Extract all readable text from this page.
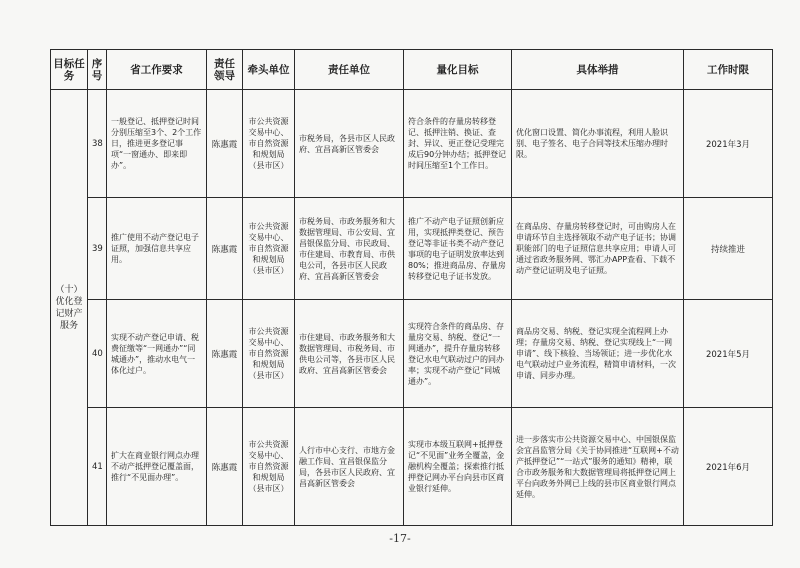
目标任务	序号	省工作要求	责任领导	牵头单位	责任单位	量化目标	具体举措	工作时限
（十）优化登记财产服务	38	一般登记、抵押登记时间分别压缩至3个、2个工作日，推进更多登记事项“一窗通办、即来即办”。	陈惠霞	市公共资源交易中心、市自然资源和规划局（县市区）	市税务局，各县市区人民政府、宜昌高新区管委会	符合条件的存量房转移登记、抵押注销、换证、查封、异议、更正登记受理完成后90分钟办结；抵押登记时间压缩至1个工作日。	优化窗口设置、简化办事流程，利用人脸识别、电子签名、电子合同等技术压缩办理时限。	2021年3月
	39	推广使用不动产登记电子证照，加强信息共享应用。	陈惠霞	市公共资源交易中心、市自然资源和规划局（县市区）	市税务局、市政务服务和大数据管理局、市公安局、宜昌银保监分局、市民政局、市住建局、市教育局、市供电公司，各县市区人民政府、宜昌高新区管委会	推广不动产电子证照创新应用，实现抵押类登记、预告登记等非证书类不动产登记事项的电子证明发放率达到80%；推进商品房、存量房转移登记电子证书发放。	在商品房、存量房转移登记时，可由购房人在申请环节自主选择领取不动产电子证书；协调职能部门的电子证照信息共享应用；申请人可通过省政务服务网、鄂汇办APP查看、下载不动产登记证明及电子证照。	持续推进
	40	实现不动产登记申请、税费征缴等“一网通办”“同城通办”，推动水电气一体化过户。	陈惠霞	市公共资源交易中心、市自然资源和规划局（县市区）	市住建局、市政务服务和大数据管理局、市税务局、市供电公司等，各县市区人民政府、宜昌高新区管委会	实现符合条件的商品房、存量房交易、纳税、登记“一网通办”，提升存量房转移登记水电气联动过户的同办率；实现不动产登记“同城通办”。	商品房交易、纳税、登记实现全流程网上办理；存量房交易、纳税、登记实现线上“一网申请”、线下核验、当场领证；进一步优化水电气联动过户业务流程，精简申请材料，一次申请、同步办理。	2021年5月
	41	扩大在商业银行网点办理不动产抵押登记覆盖面，推行“不见面办理”。	陈惠霞	市公共资源交易中心、市自然资源和规划局（县市区）	人行市中心支行、市地方金融工作局、宜昌银保监分局，各县市区人民政府、宜昌高新区管委会	实现市本级互联网+抵押登记“不见面”业务全覆盖，金融机构全覆盖；探索推行抵押登记网办平台向县市区商业银行延伸。	进一步落实市公共资源交易中心、中国银保监会宜昌监管分局《关于协同推进“互联网+不动产抵押登记”“一站式”服务的通知》精神，联合市政务服务和大数据管理局将抵押登记网上平台向政务外网已上线的县市区商业银行网点延伸。	2021年6月
-17-
